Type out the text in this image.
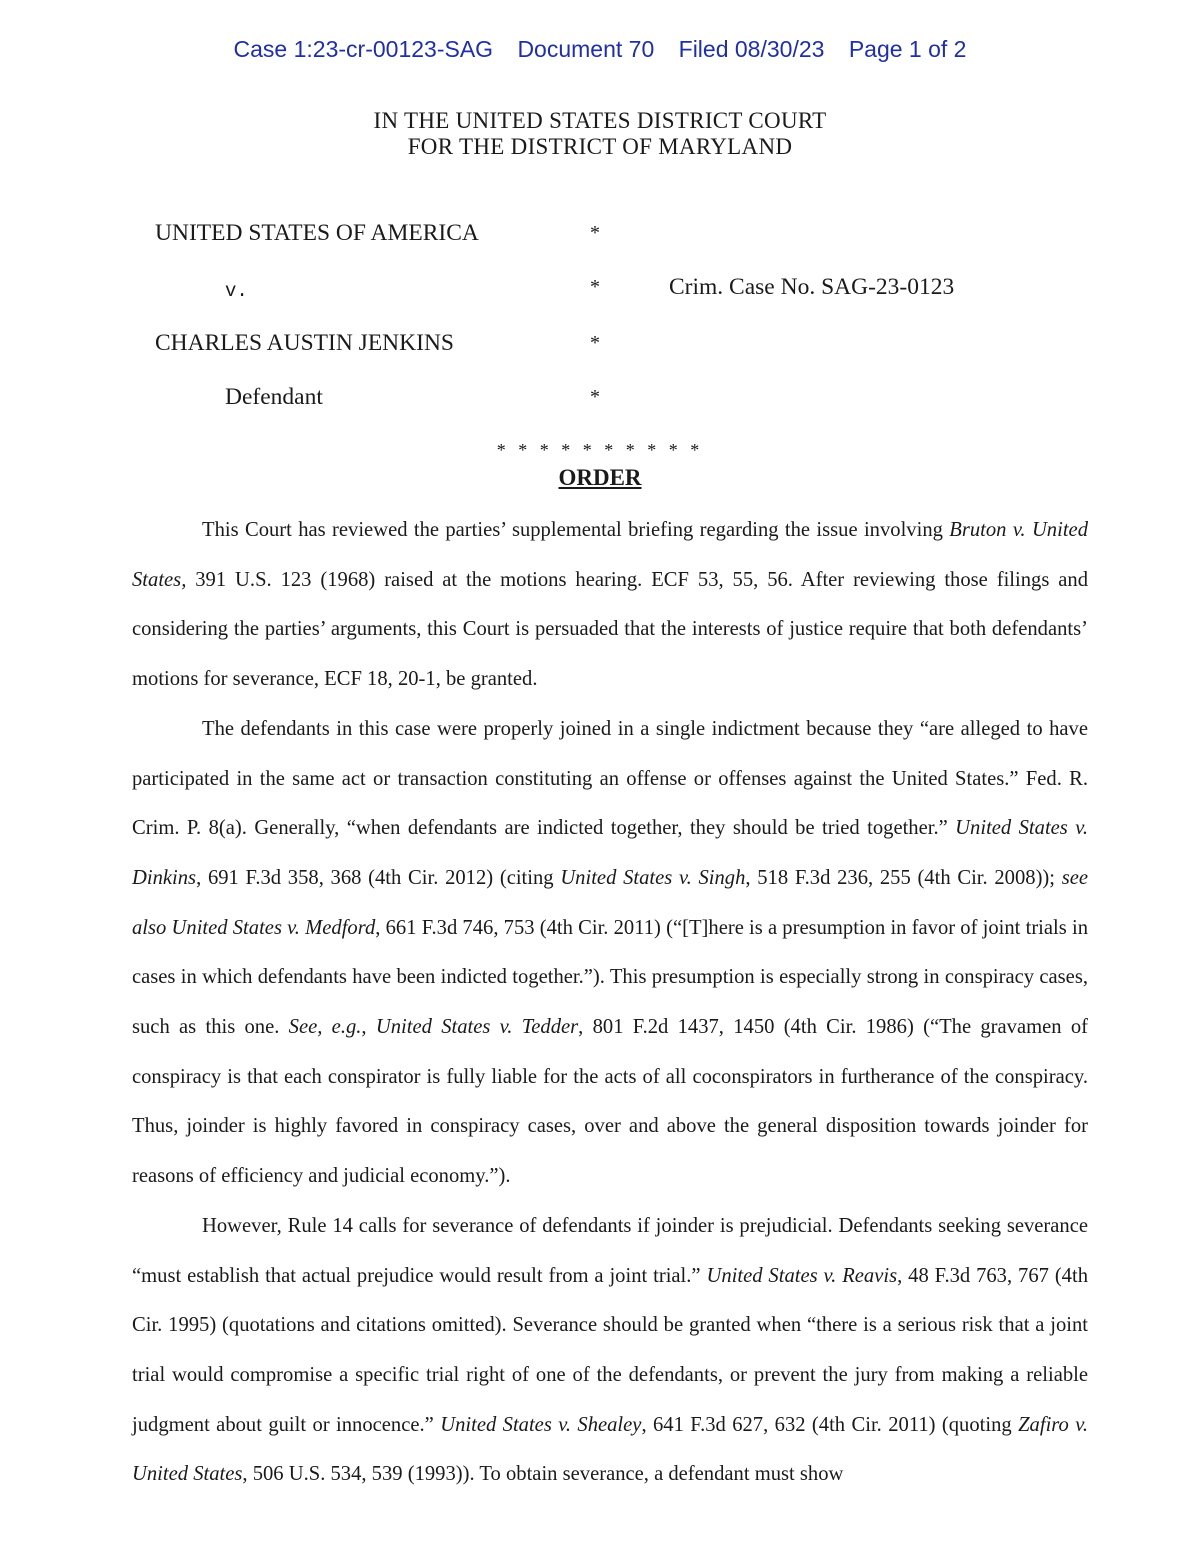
Case 1:23-cr-00123-SAG Document 70 Filed 08/30/23 Page 1 of 2
IN THE UNITED STATES DISTRICT COURT
FOR THE DISTRICT OF MARYLAND
UNITED STATES OF AMERICA	*
v.	*	Crim. Case No. SAG-23-0123
CHARLES AUSTIN JENKINS	*
Defendant	*
* * * * * * * * * *
ORDER

This Court has reviewed the parties’ supplemental briefing regarding the issue involving Bruton v. United States, 391 U.S. 123 (1968) raised at the motions hearing. ECF 53, 55, 56. After reviewing those filings and considering the parties’ arguments, this Court is persuaded that the interests of justice require that both defendants’ motions for severance, ECF 18, 20-1, be granted.

The defendants in this case were properly joined in a single indictment because they “are alleged to have participated in the same act or transaction constituting an offense or offenses against the United States.” Fed. R. Crim. P. 8(a). Generally, “when defendants are indicted together, they should be tried together.” United States v. Dinkins, 691 F.3d 358, 368 (4th Cir. 2012) (citing United States v. Singh, 518 F.3d 236, 255 (4th Cir. 2008)); see also United States v. Medford, 661 F.3d 746, 753 (4th Cir. 2011) (“[T]here is a presumption in favor of joint trials in cases in which defendants have been indicted together.”). This presumption is especially strong in conspiracy cases, such as this one. See, e.g., United States v. Tedder, 801 F.2d 1437, 1450 (4th Cir. 1986) (“The gravamen of conspiracy is that each conspirator is fully liable for the acts of all coconspirators in furtherance of the conspiracy. Thus, joinder is highly favored in conspiracy cases, over and above the general disposition towards joinder for reasons of efficiency and judicial economy.”).

However, Rule 14 calls for severance of defendants if joinder is prejudicial. Defendants seeking severance “must establish that actual prejudice would result from a joint trial.” United States v. Reavis, 48 F.3d 763, 767 (4th Cir. 1995) (quotations and citations omitted). Severance should be granted when “there is a serious risk that a joint trial would compromise a specific trial right of one of the defendants, or prevent the jury from making a reliable judgment about guilt or innocence.” United States v. Shealey, 641 F.3d 627, 632 (4th Cir. 2011) (quoting Zafiro v. United States, 506 U.S. 534, 539 (1993)). To obtain severance, a defendant must show
